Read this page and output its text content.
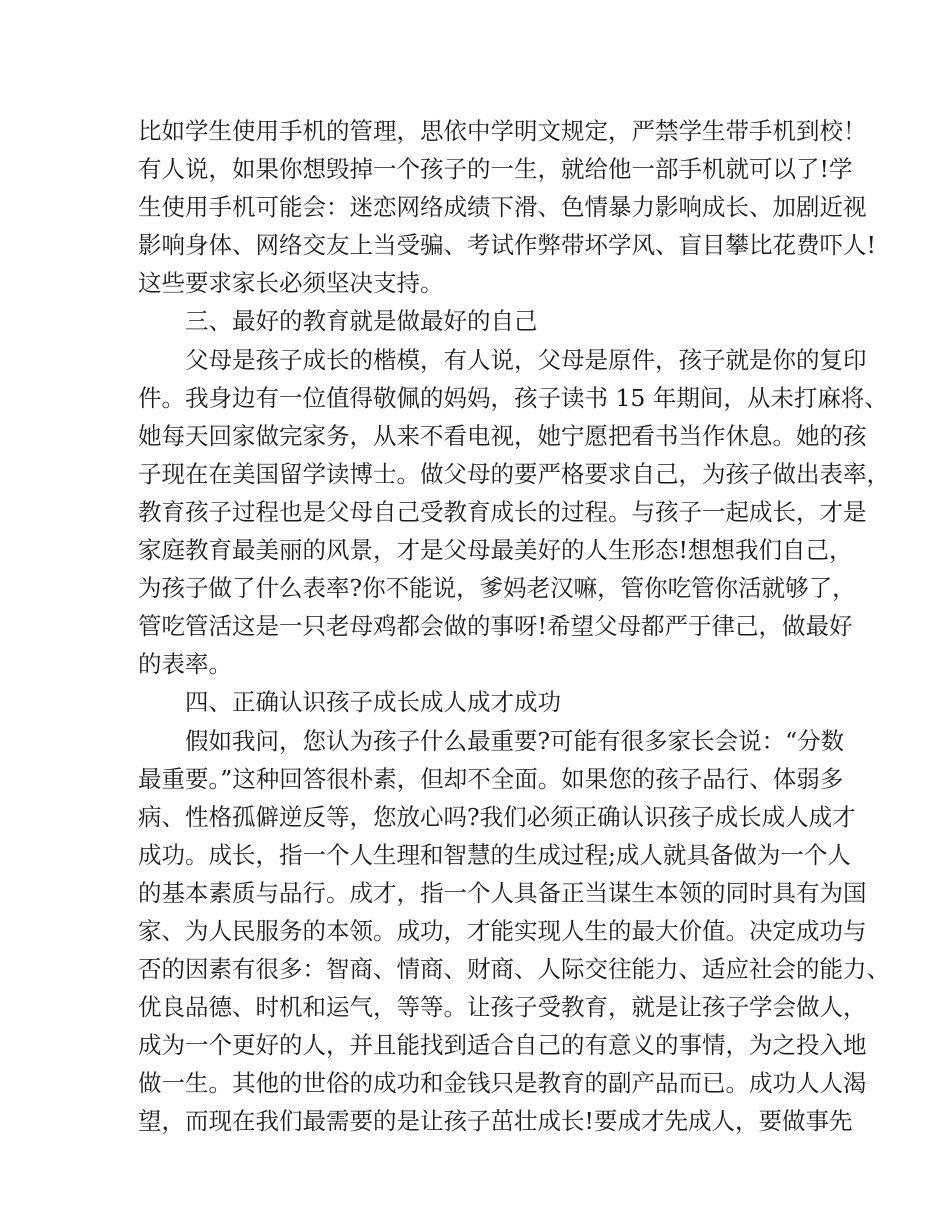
比如学生使用手机的管理，思依中学明文规定，严禁学生带手机到校！
有人说，如果你想毁掉一个孩子的一生，就给他一部手机就可以了!学
生使用手机可能会：迷恋网络成绩下滑、色情暴力影响成长、加剧近视
影响身体、网络交友上当受骗、考试作弊带坏学风、盲目攀比花费吓人!
这些要求家长必须坚决支持。
三、最好的教育就是做最好的自己
父母是孩子成长的楷模，有人说，父母是原件，孩子就是你的复印
件。我身边有一位值得敬佩的妈妈，孩子读书 15 年期间，从未打麻将、
她每天回家做完家务，从来不看电视，她宁愿把看书当作休息。她的孩
子现在在美国留学读博士。做父母的要严格要求自己，为孩子做出表率，
教育孩子过程也是父母自己受教育成长的过程。与孩子一起成长，才是
家庭教育最美丽的风景，才是父母最美好的人生形态!想想我们自己，
为孩子做了什么表率?你不能说，爹妈老汉嘛，管你吃管你活就够了，
管吃管活这是一只老母鸡都会做的事呀!希望父母都严于律己，做最好
的表率。
四、正确认识孩子成长成人成才成功
假如我问，您认为孩子什么最重要?可能有很多家长会说：“分数
最重要。”这种回答很朴素，但却不全面。如果您的孩子品行、体弱多
病、性格孤僻逆反等，您放心吗?我们必须正确认识孩子成长成人成才
成功。成长，指一个人生理和智慧的生成过程;成人就具备做为一个人
的基本素质与品行。成才，指一个人具备正当谋生本领的同时具有为国
家、为人民服务的本领。成功，才能实现人生的最大价值。决定成功与
否的因素有很多：智商、情商、财商、人际交往能力、适应社会的能力、
优良品德、时机和运气，等等。让孩子受教育，就是让孩子学会做人，
成为一个更好的人，并且能找到适合自己的有意义的事情，为之投入地
做一生。其他的世俗的成功和金钱只是教育的副产品而已。成功人人渴
望，而现在我们最需要的是让孩子茁壮成长!要成才先成人，要做事先
